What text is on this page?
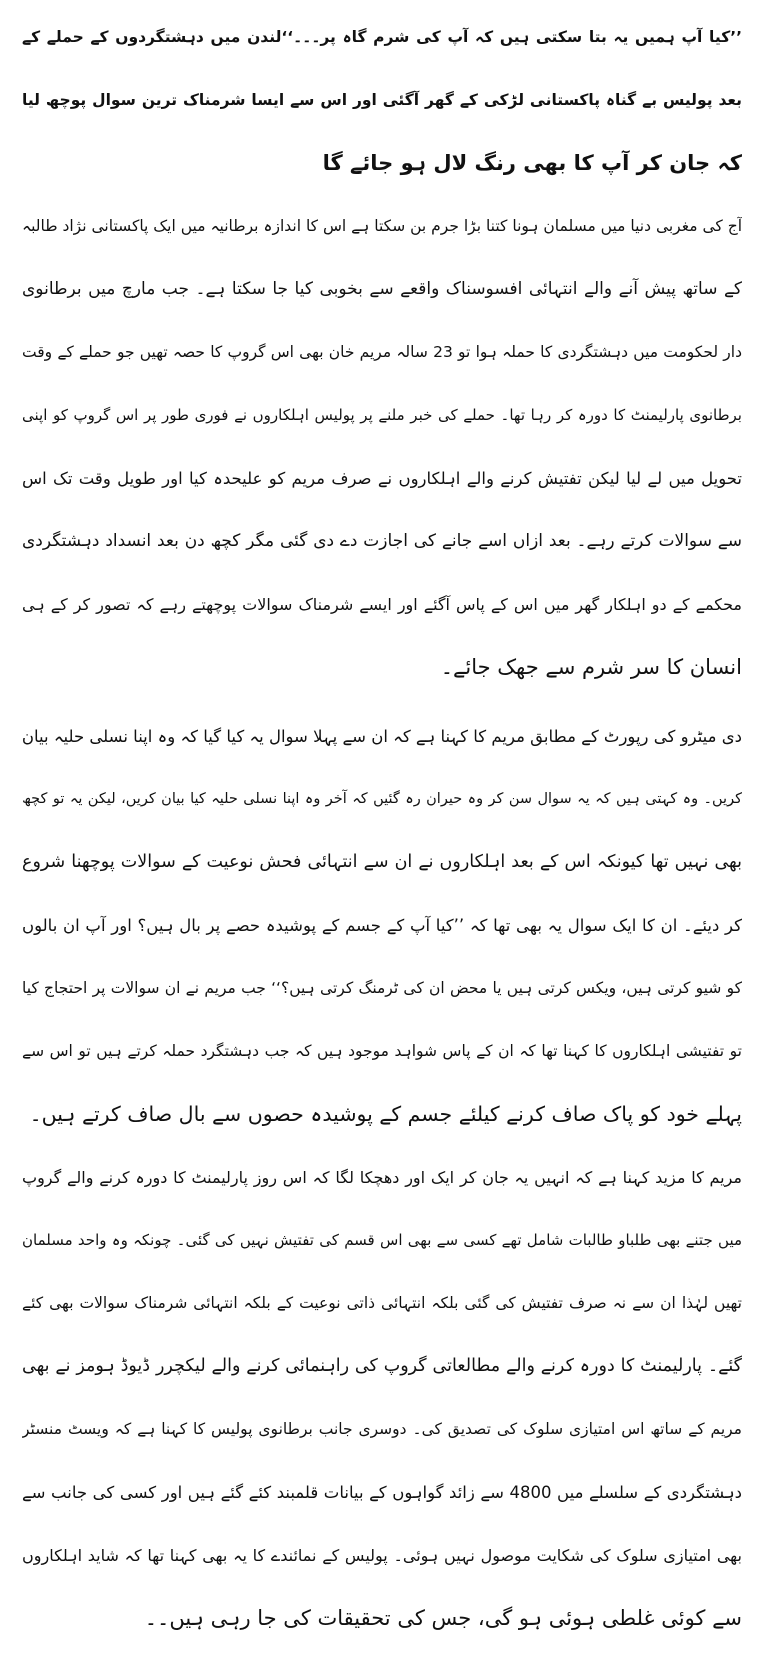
’’کیا آپ ہمیں یہ بتا سکتی ہیں کہ آپ کی شرم گاہ پر۔۔۔‘‘لندن میں دہشتگردوں کے حملے کے
بعد پولیس بے گناہ پاکستانی لڑکی کے گھر آگئی اور اس سے ایسا شرمناک ترین سوال پوچھ لیا
کہ جان کر آپ کا بھی رنگ لال ہو جائے گا
آج کی مغربی دنیا میں مسلمان ہونا کتنا بڑا جرم بن سکتا ہے اس کا اندازہ برطانیہ میں ایک پاکستانی نژاد طالبہ
کے ساتھ پیش آنے والے انتہائی افسوسناک واقعے سے بخوبی کیا جا سکتا ہے۔ جب مارچ میں برطانوی
دار لحکومت میں دہشتگردی کا حملہ ہوا تو 23 سالہ مریم خان بھی اس گروپ کا حصہ تھیں جو حملے کے وقت
برطانوی پارلیمنٹ کا دورہ کر رہا تھا۔ حملے کی خبر ملنے پر پولیس اہلکاروں نے فوری طور پر اس گروپ کو اپنی
تحویل میں لے لیا لیکن تفتیش کرنے والے اہلکاروں نے صرف مریم کو علیحدہ کیا اور طویل وقت تک اس
سے سوالات کرتے رہے۔ بعد ازاں اسے جانے کی اجازت دے دی گئی مگر کچھ دن بعد انسداد دہشتگردی
محکمے کے دو اہلکار گھر میں اس کے پاس آگئے اور ایسے شرمناک سوالات پوچھتے رہے کہ تصور کر کے ہی
انسان کا سر شرم سے جھک جائے۔
دی میٹرو کی رپورٹ کے مطابق مریم کا کہنا ہے کہ ان سے پہلا سوال یہ کیا گیا کہ وہ اپنا نسلی حلیہ بیان
کریں۔ وہ کہتی ہیں کہ یہ سوال سن کر وہ حیران رہ گئیں کہ آخر وہ اپنا نسلی حلیہ کیا بیان کریں، لیکن یہ تو کچھ
بھی نہیں تھا کیونکہ اس کے بعد اہلکاروں نے ان سے انتہائی فحش نوعیت کے سوالات پوچھنا شروع
کر دیئے۔ ان کا ایک سوال یہ بھی تھا کہ ’’کیا آپ کے جسم کے پوشیدہ حصے پر بال ہیں؟ اور آپ ان بالوں
کو شیو کرتی ہیں، ویکس کرتی ہیں یا محض ان کی ٹرمنگ کرتی ہیں؟‘‘ جب مریم نے ان سوالات پر احتجاج کیا
تو تفتیشی اہلکاروں کا کہنا تھا کہ ان کے پاس شواہد موجود ہیں کہ جب دہشتگرد حملہ کرتے ہیں تو اس سے
پہلے خود کو پاک صاف کرنے کیلئے جسم کے پوشیدہ حصوں سے بال صاف کرتے ہیں۔
مریم کا مزید کہنا ہے کہ انہیں یہ جان کر ایک اور دھچکا لگا کہ اس روز پارلیمنٹ کا دورہ کرنے والے گروپ
میں جتنے بھی طلباو طالبات شامل تھے کسی سے بھی اس قسم کی تفتیش نہیں کی گئی۔ چونکہ وہ واحد مسلمان
تھیں لہٰذا ان سے نہ صرف تفتیش کی گئی بلکہ انتہائی ذاتی نوعیت کے بلکہ انتہائی شرمناک سوالات بھی کئے
گئے۔ پارلیمنٹ کا دورہ کرنے والے مطالعاتی گروپ کی راہنمائی کرنے والے لیکچرر ڈیوڈ ہومز نے بھی
مریم کے ساتھ اس امتیازی سلوک کی تصدیق کی۔ دوسری جانب برطانوی پولیس کا کہنا ہے کہ ویسٹ منسٹر
دہشتگردی کے سلسلے میں 4800 سے زائد گواہوں کے بیانات قلمبند کئے گئے ہیں اور کسی کی جانب سے
بھی امتیازی سلوک کی شکایت موصول نہیں ہوئی۔ پولیس کے نمائندے کا یہ بھی کہنا تھا کہ شاید اہلکاروں
سے کوئی غلطی ہوئی ہو گی، جس کی تحقیقات کی جا رہی ہیں۔۔
